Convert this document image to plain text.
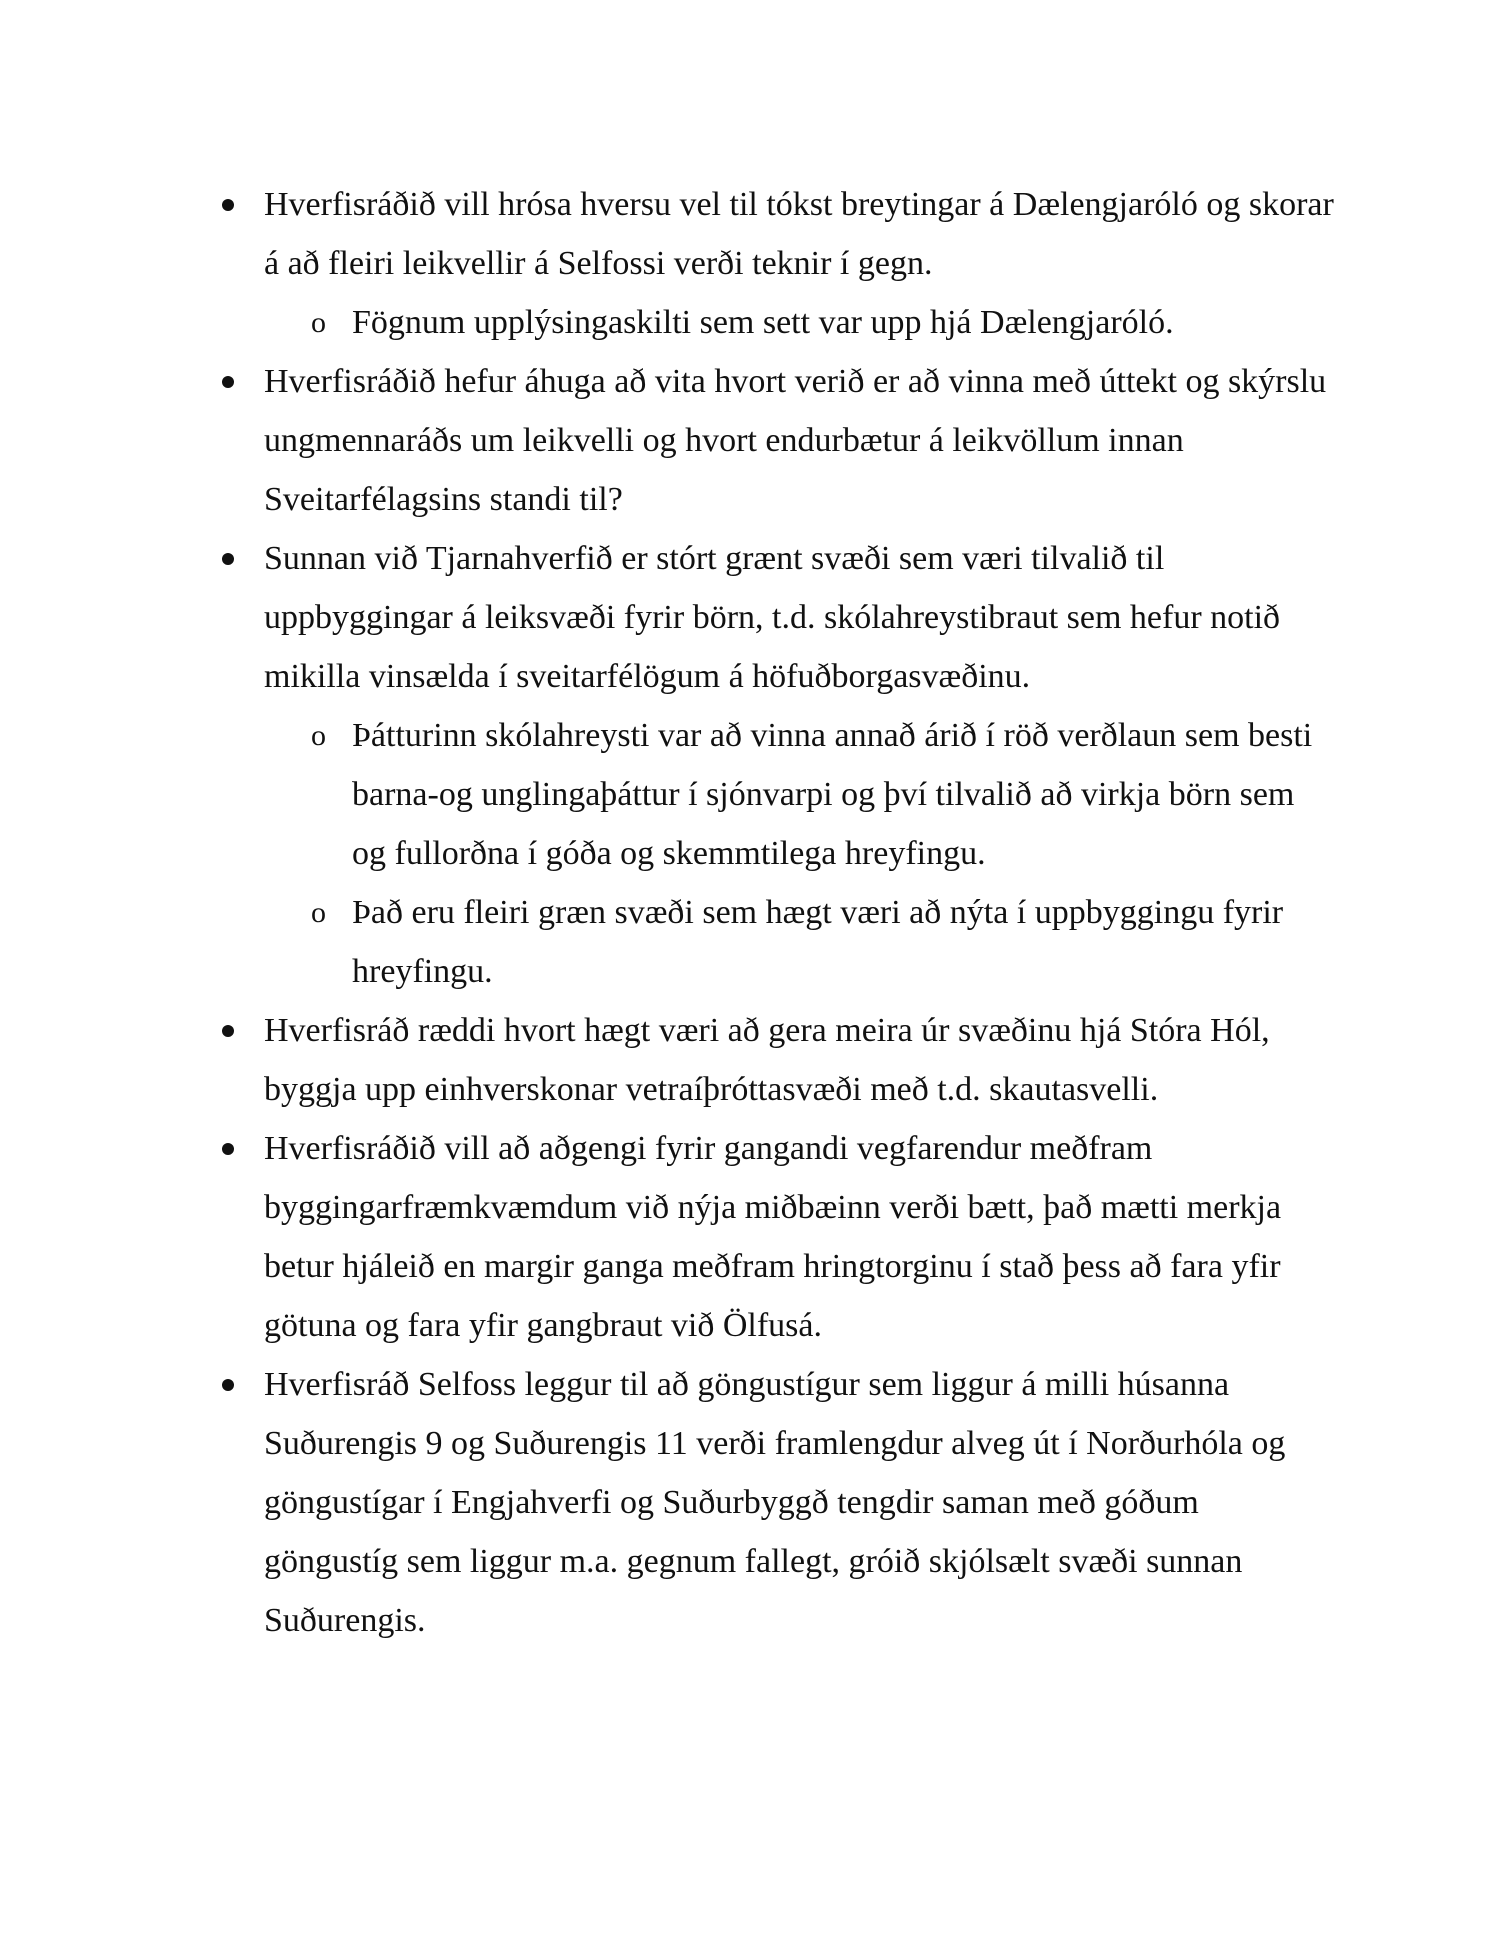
Hverfisráðið vill hrósa hversu vel til tókst breytingar á Dælengjaróló og skorar á að fleiri leikvellir á Selfossi verði teknir í gegn.
o Fögnum upplýsingaskilti sem sett var upp hjá Dælengjaróló.
Hverfisráðið hefur áhuga að vita hvort verið er að vinna með úttekt og skýrslu ungmennaráðs um leikvelli og hvort endurbætur á leikvöllum innan Sveitarfélagsins standi til?
Sunnan við Tjarnahverfið er stórt grænt svæði sem væri tilvalið til uppbyggingar á leiksvæði fyrir börn, t.d. skólahreystibraut sem hefur notið mikilla vinsælda í sveitarfélögum á höfuðborgasvæðinu.
o Þátturinn skólahreysti var að vinna annað árið í röð verðlaun sem besti barna-og unglingaþáttur í sjónvarpi og því tilvalið að virkja börn sem og fullorðna í góða og skemmtilega hreyfingu.
o Það eru fleiri græn svæði sem hægt væri að nýta í uppbyggingu fyrir hreyfingu.
Hverfisráð ræddi hvort hægt væri að gera meira úr svæðinu hjá Stóra Hól, byggja upp einhverskonar vetraíþróttasvæði með t.d. skautasvelli.
Hverfisráðið vill að aðgengi fyrir gangandi vegfarendur meðfram byggingarfræmkvæmdum við nýja miðbæinn verði bætt, það mætti merkja betur hjáleið en margir ganga meðfram hringtorginu í stað þess að fara yfir götuna og fara yfir gangbraut við Ölfusá.
Hverfisráð Selfoss leggur til að göngustígur sem liggur á milli húsanna Suðurengis 9 og Suðurengis 11 verði framlengdur alveg út í Norðurhóla og göngustígar í Engjahverfi og Suðurbyggð tengdir saman með góðum göngustíg sem liggur m.a. gegnum fallegt, gróið skjólsælt svæði sunnan Suðurengis.
